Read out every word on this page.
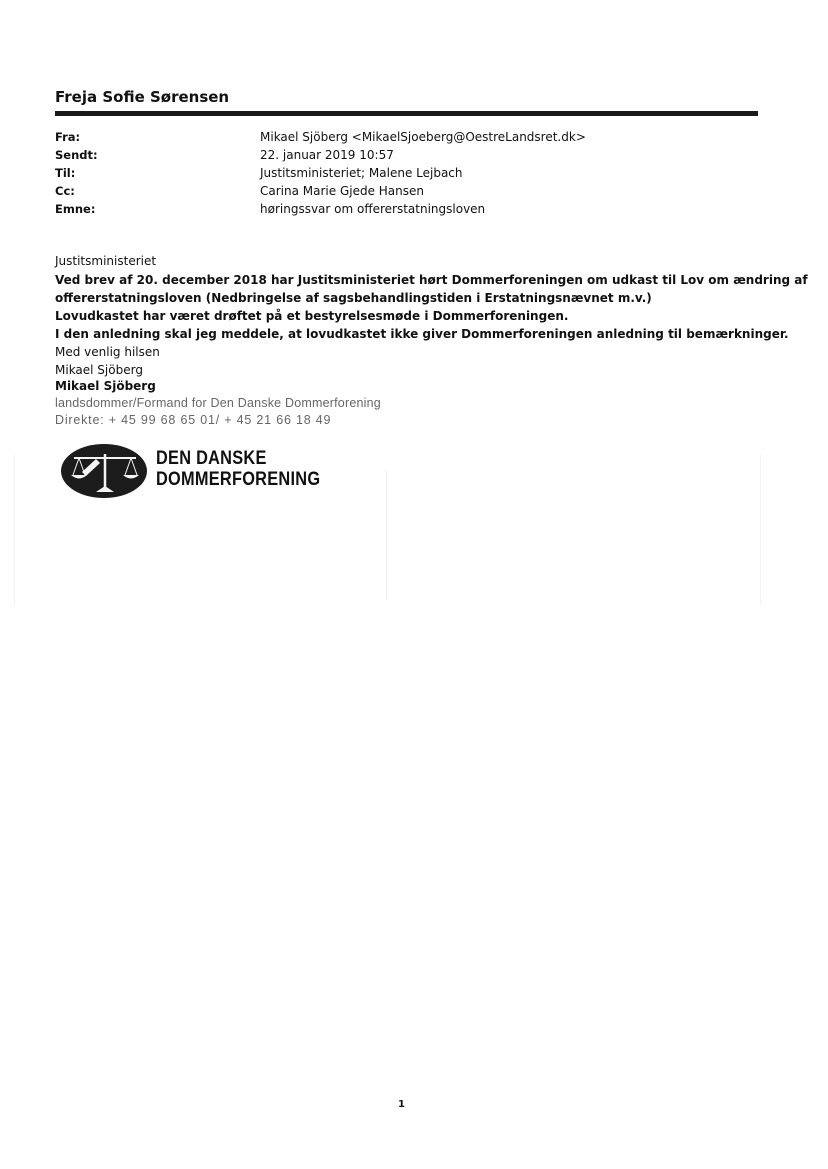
Freja Sofie Sørensen
Fra:	Mikael Sjöberg <MikaelSjoeberg@OestreLandsret.dk>
Sendt:	22. januar 2019 10:57
Til:	Justitsministeriet; Malene Lejbach
Cc:	Carina Marie Gjede Hansen
Emne:	høringssvar om offererstatningsloven
Justitsministeriet
Ved brev af 20. december 2018 har Justitsministeriet hørt Dommerforeningen om udkast til Lov om ændring af
offererstatningsloven (Nedbringelse af sagsbehandlingstiden i Erstatningsnævnet m.v.)
Lovudkastet har været drøftet på et bestyrelsesmøde i Dommerforeningen.
I den anledning skal jeg meddele, at lovudkastet ikke giver Dommerforeningen anledning til bemærkninger.
Med venlig hilsen
Mikael Sjöberg
Mikael Sjöberg
landsdommer/Formand for Den Danske Dommerforening
Direkte: + 45 99 68 65 01/ + 45 21 66 18 49
DEN DANSKE
DOMMERFORENING
1
